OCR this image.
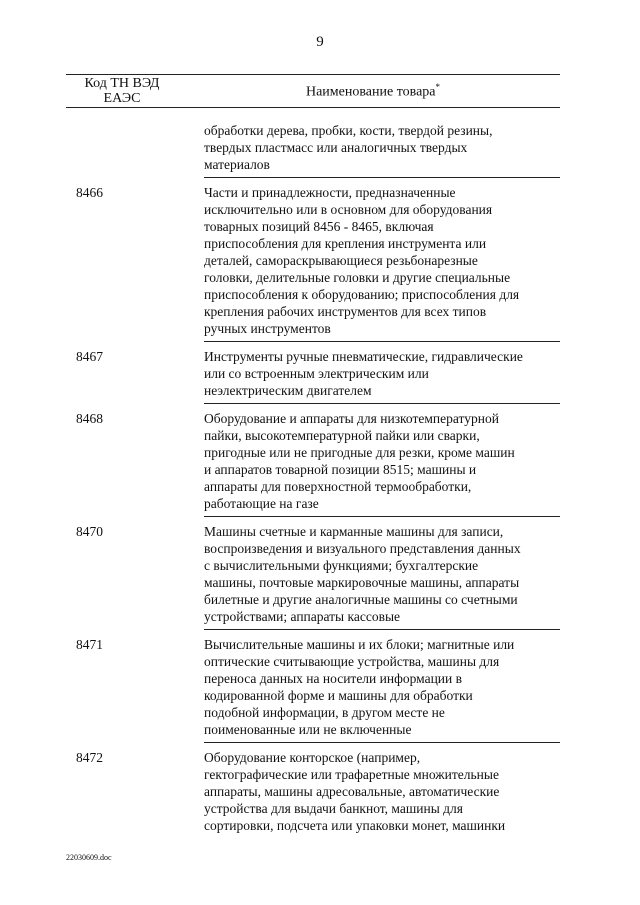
9
Код ТН ВЭД
ЕАЭС	Наименование товара*
обработки дерева, пробки, кости, твердой резины,
твердых пластмасс или аналогичных твердых
материалов
8466	Части и принадлежности, предназначенные
исключительно или в основном для оборудования
товарных позиций 8456 - 8465, включая
приспособления для крепления инструмента или
деталей, самораскрывающиеся резьбонарезные
головки, делительные головки и другие специальные
приспособления к оборудованию; приспособления для
крепления рабочих инструментов для всех типов
ручных инструментов
8467	Инструменты ручные пневматические, гидравлические
или со встроенным электрическим или
неэлектрическим двигателем
8468	Оборудование и аппараты для низкотемпературной
пайки, высокотемпературной пайки или сварки,
пригодные или не пригодные для резки, кроме машин
и аппаратов товарной позиции 8515; машины и
аппараты для поверхностной термообработки,
работающие на газе
8470	Машины счетные и карманные машины для записи,
воспроизведения и визуального представления данных
с вычислительными функциями; бухгалтерские
машины, почтовые маркировочные машины, аппараты
билетные и другие аналогичные машины со счетными
устройствами; аппараты кассовые
8471	Вычислительные машины и их блоки; магнитные или
оптические считывающие устройства, машины для
переноса данных на носители информации в
кодированной форме и машины для обработки
подобной информации, в другом месте не
поименованные или не включенные
8472	Оборудование конторское (например,
гектографические или трафаретные множительные
аппараты, машины адресовальные, автоматические
устройства для выдачи банкнот, машины для
сортировки, подсчета или упаковки монет, машинки
22030609.doc
